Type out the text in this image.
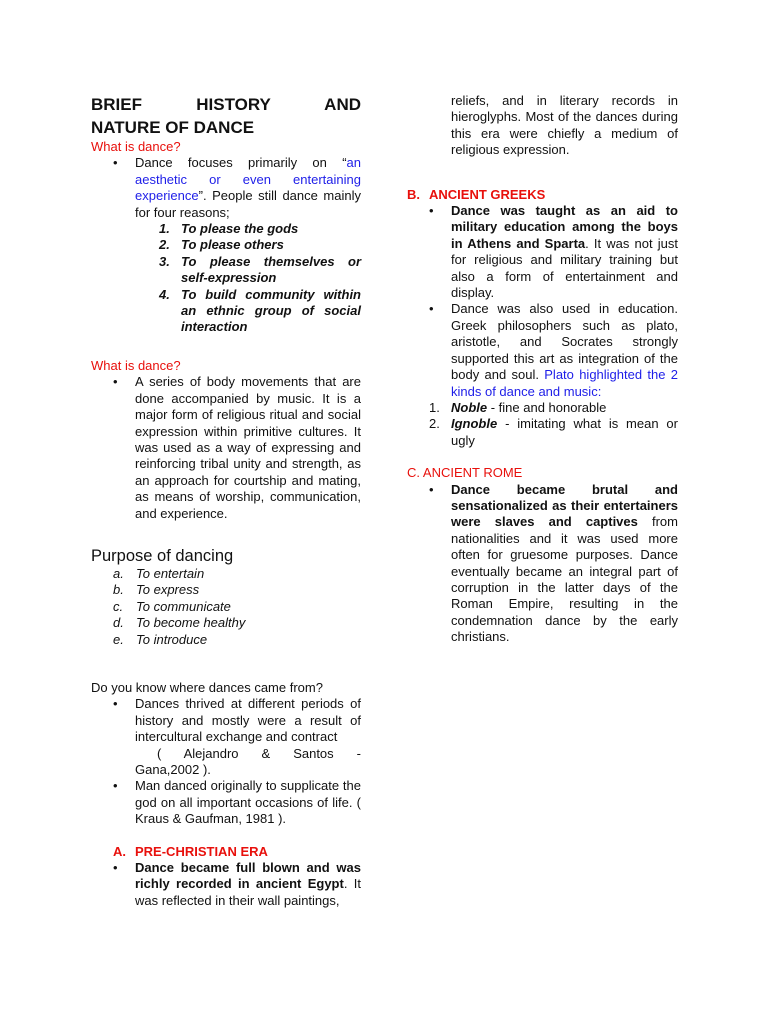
BRIEF HISTORY AND
NATURE OF DANCE
What is dance?
• Dance focuses primarily on “an aesthetic or even entertaining experience”. People still dance mainly for four reasons;
1. To please the gods
2. To please others
3. To please themselves or self-expression
4. To build community within an ethnic group of social interaction
What is dance?
• A series of body movements that are done accompanied by music. It is a major form of religious ritual and social expression within primitive cultures. It was used as a way of expressing and reinforcing tribal unity and strength, as an approach for courtship and mating, as means of worship, communication, and experience.
Purpose of dancing
a. To entertain
b. To express
c. To communicate
d. To become healthy
e. To introduce
Do you know where dances came from?
• Dances thrived at different periods of history and mostly were a result of intercultural exchange and contract
( Alejandro & Santos -
Gana,2002 ).
• Man danced originally to supplicate the god on all important occasions of life. ( Kraus & Gaufman, 1981 ).
A. PRE-CHRISTIAN ERA
• Dance became full blown and was richly recorded in ancient Egypt. It was reflected in their wall paintings,
reliefs, and in literary records in hieroglyphs. Most of the dances during this era were chiefly a medium of religious expression.
B. ANCIENT GREEKS
• Dance was taught as an aid to military education among the boys in Athens and Sparta. It was not just for religious and military training but also a form of entertainment and display.
• Dance was also used in education. Greek philosophers such as plato, aristotle, and Socrates strongly supported this art as integration of the body and soul. Plato highlighted the 2 kinds of dance and music:
1. Noble - fine and honorable
2. Ignoble - imitating what is mean or ugly
C. ANCIENT ROME
• Dance became brutal and sensationalized as their entertainers were slaves and captives from nationalities and it was used more often for gruesome purposes. Dance eventually became an integral part of corruption in the latter days of the Roman Empire, resulting in the condemnation dance by the early christians.
